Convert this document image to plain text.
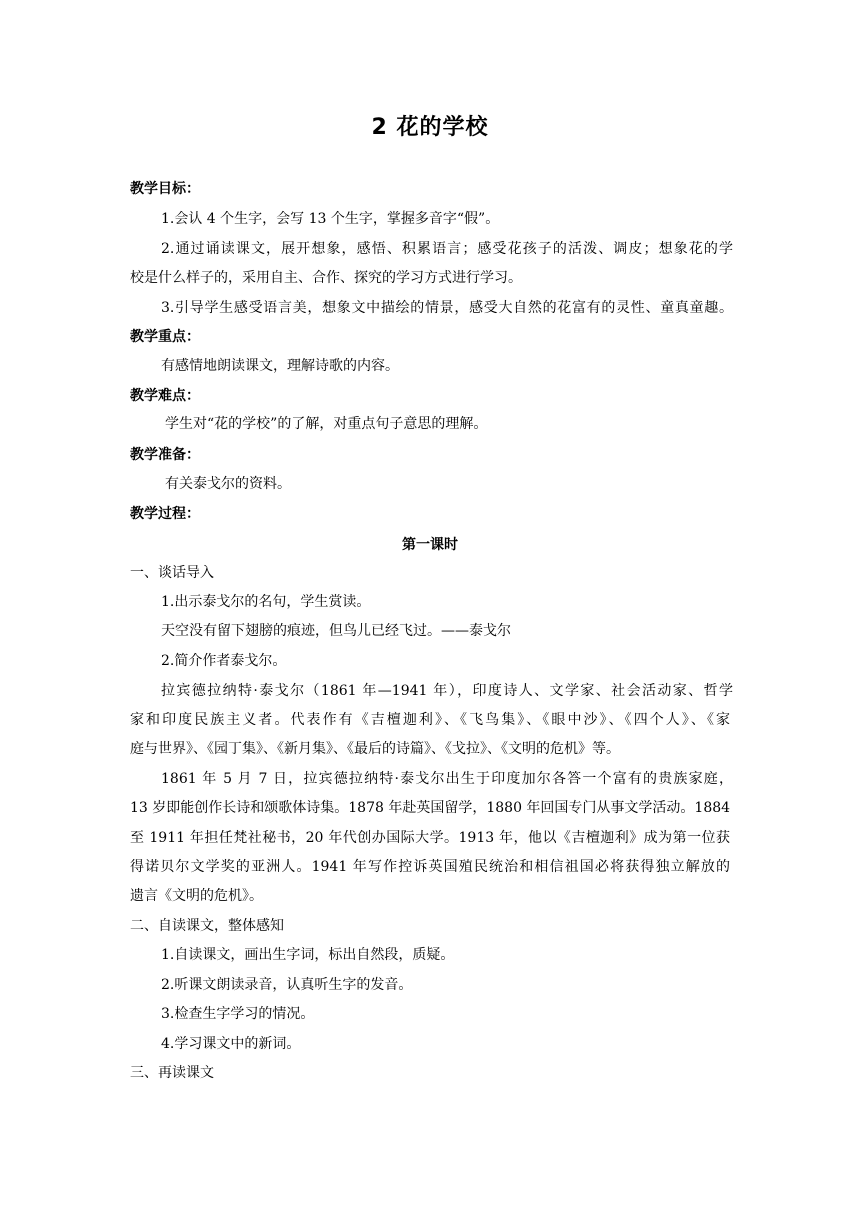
2 花的学校
教学目标：
1.会认 4 个生字，会写 13 个生字，掌握多音字“假”。
2.通过诵读课文，展开想象，感悟、积累语言；感受花孩子的活泼、调皮；想象花的学
校是什么样子的，采用自主、合作、探究的学习方式进行学习。
3.引导学生感受语言美，想象文中描绘的情景，感受大自然的花富有的灵性、童真童趣。
教学重点：
有感情地朗读课文，理解诗歌的内容。
教学难点：
学生对“花的学校”的了解，对重点句子意思的理解。
教学准备：
有关泰戈尔的资料。
教学过程：
第一课时
一、谈话导入
1.出示泰戈尔的名句，学生赏读。
天空没有留下翅膀的痕迹，但鸟儿已经飞过。——泰戈尔
2.简介作者泰戈尔。
拉宾德拉纳特·泰戈尔（1861 年—1941 年），印度诗人、文学家、社会活动家、哲学
家和印度民族主义者。代表作有《吉檀迦利》、《飞鸟集》、《眼中沙》、《四个人》、《家
庭与世界》、《园丁集》、《新月集》、《最后的诗篇》、《戈拉》、《文明的危机》等。
1861 年 5 月 7 日，拉宾德拉纳特·泰戈尔出生于印度加尔各答一个富有的贵族家庭，
13 岁即能创作长诗和颂歌体诗集。1878 年赴英国留学，1880 年回国专门从事文学活动。1884
至 1911 年担任梵社秘书，20 年代创办国际大学。1913 年，他以《吉檀迦利》成为第一位获
得诺贝尔文学奖的亚洲人。1941 年写作控诉英国殖民统治和相信祖国必将获得独立解放的
遗言《文明的危机》。
二、自读课文，整体感知
1.自读课文，画出生字词，标出自然段，质疑。
2.听课文朗读录音，认真听生字的发音。
3.检查生字学习的情况。
4.学习课文中的新词。
三、再读课文
